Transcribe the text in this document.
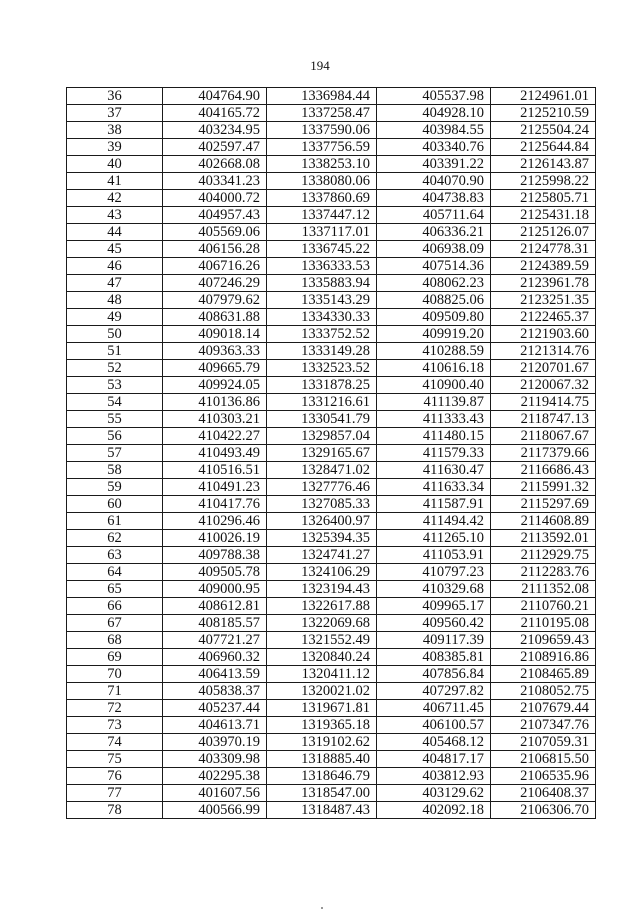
194
36	404764.90	1336984.44	405537.98	2124961.01
37	404165.72	1337258.47	404928.10	2125210.59
38	403234.95	1337590.06	403984.55	2125504.24
39	402597.47	1337756.59	403340.76	2125644.84
40	402668.08	1338253.10	403391.22	2126143.87
41	403341.23	1338080.06	404070.90	2125998.22
42	404000.72	1337860.69	404738.83	2125805.71
43	404957.43	1337447.12	405711.64	2125431.18
44	405569.06	1337117.01	406336.21	2125126.07
45	406156.28	1336745.22	406938.09	2124778.31
46	406716.26	1336333.53	407514.36	2124389.59
47	407246.29	1335883.94	408062.23	2123961.78
48	407979.62	1335143.29	408825.06	2123251.35
49	408631.88	1334330.33	409509.80	2122465.37
50	409018.14	1333752.52	409919.20	2121903.60
51	409363.33	1333149.28	410288.59	2121314.76
52	409665.79	1332523.52	410616.18	2120701.67
53	409924.05	1331878.25	410900.40	2120067.32
54	410136.86	1331216.61	411139.87	2119414.75
55	410303.21	1330541.79	411333.43	2118747.13
56	410422.27	1329857.04	411480.15	2118067.67
57	410493.49	1329165.67	411579.33	2117379.66
58	410516.51	1328471.02	411630.47	2116686.43
59	410491.23	1327776.46	411633.34	2115991.32
60	410417.76	1327085.33	411587.91	2115297.69
61	410296.46	1326400.97	411494.42	2114608.89
62	410026.19	1325394.35	411265.10	2113592.01
63	409788.38	1324741.27	411053.91	2112929.75
64	409505.78	1324106.29	410797.23	2112283.76
65	409000.95	1323194.43	410329.68	2111352.08
66	408612.81	1322617.88	409965.17	2110760.21
67	408185.57	1322069.68	409560.42	2110195.08
68	407721.27	1321552.49	409117.39	2109659.43
69	406960.32	1320840.24	408385.81	2108916.86
70	406413.59	1320411.12	407856.84	2108465.89
71	405838.37	1320021.02	407297.82	2108052.75
72	405237.44	1319671.81	406711.45	2107679.44
73	404613.71	1319365.18	406100.57	2107347.76
74	403970.19	1319102.62	405468.12	2107059.31
75	403309.98	1318885.40	404817.17	2106815.50
76	402295.38	1318646.79	403812.93	2106535.96
77	401607.56	1318547.00	403129.62	2106408.37
78	400566.99	1318487.43	402092.18	2106306.70
